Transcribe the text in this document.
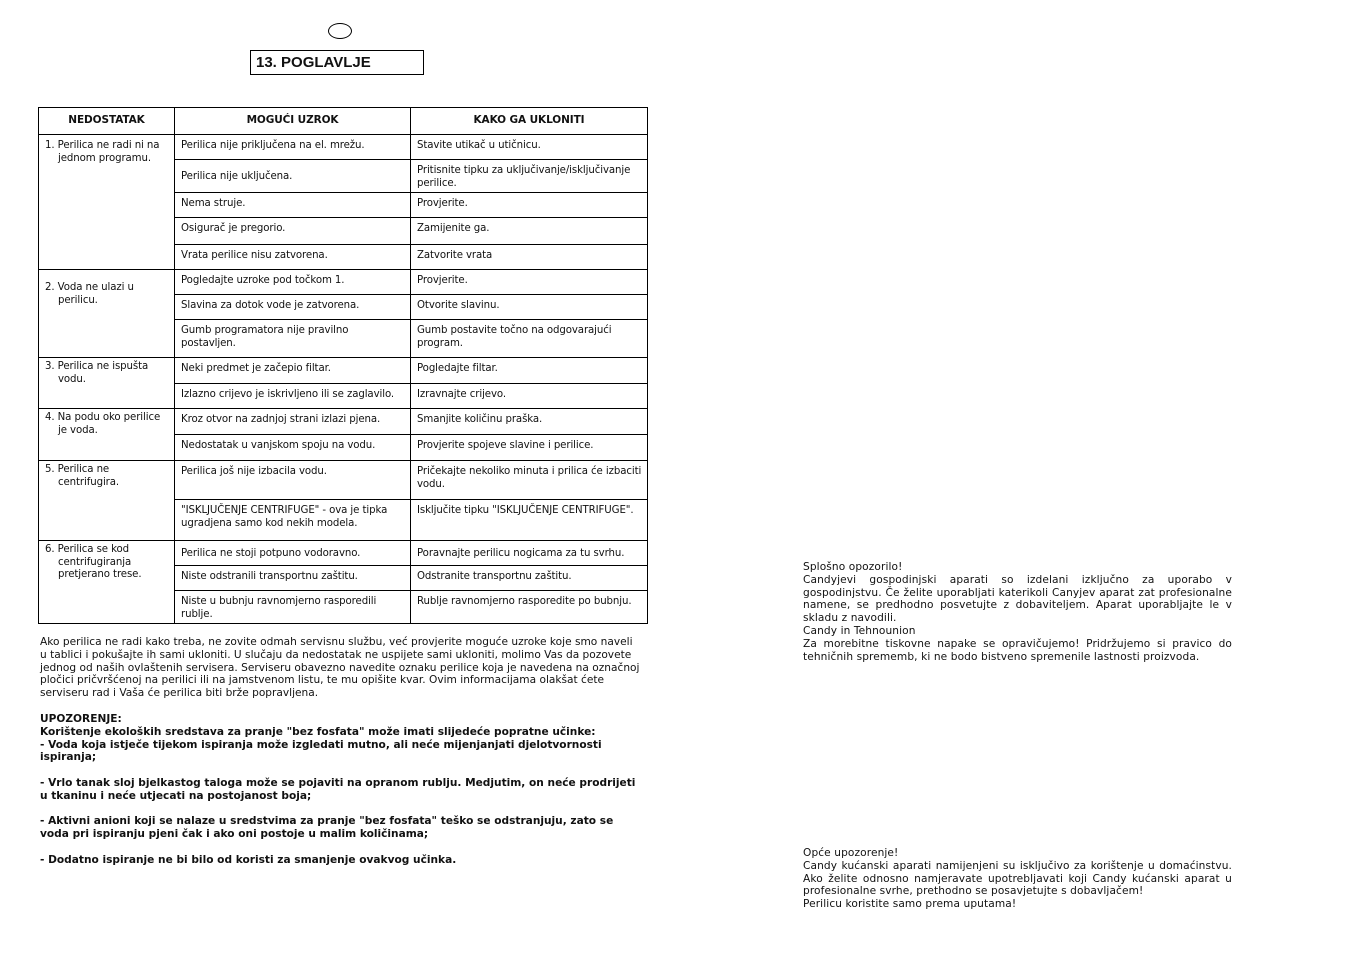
13. POGLAVLJE
NEDOSTATAK	MOGUĆI UZROK	KAKO GA UKLONITI

1. Perilica ne radi ni na jednom programu.	Perilica nije priključena na el. mrežu.	Stavite utikač u utičnicu.
	Perilica nije uključena.	Pritisnite tipku za uključivanje/isključivanje perilice.
	Nema struje.	Provjerite.
	Osigurač je pregorio.	Zamijenite ga.
	Vrata perilice nisu zatvorena.	Zatvorite vrata

2. Voda ne ulazi u perilicu.	Pogledajte uzroke pod točkom 1.	Provjerite.
	Slavina za dotok vode je zatvorena.	Otvorite slavinu.
	Gumb programatora nije pravilno postavljen.	Gumb postavite točno na odgovarajući program.

3. Perilica ne ispušta vodu.	Neki predmet je začepio filtar.	Pogledajte filtar.
	Izlazno crijevo je iskrivljeno ili se zaglavilo.	Izravnajte crijevo.

4. Na podu oko perilice je voda.	Kroz otvor na zadnjoj strani izlazi pjena.	Smanjite količinu praška.
	Nedostatak u vanjskom spoju na vodu.	Provjerite spojeve slavine i perilice.

5. Perilica ne centrifugira.	Perilica još nije izbacila vodu.	Pričekajte nekoliko minuta i prilica će izbaciti vodu.
	"ISKLJUČENJE CENTRIFUGE" - ova je tipka ugradjena samo kod nekih modela.	Isključite tipku "ISKLJUČENJE CENTRIFUGE".

6. Perilica se kod centrifugiranja pretjerano trese.	Perilica ne stoji potpuno vodoravno.	Poravnajte perilicu nogicama za tu svrhu.
	Niste odstranili transportnu zaštitu.	Odstranite transportnu zaštitu.
	Niste u bubnju ravnomjerno rasporedili rublje.	Rublje ravnomjerno rasporedite po bubnju.

Ako perilica ne radi kako treba, ne zovite odmah servisnu službu, već provjerite moguće uzroke koje smo naveli u tablici i pokušajte ih sami ukloniti. U slučaju da nedostatak ne uspijete sami ukloniti, molimo Vas da pozovete jednog od naših ovlaštenih servisera. Serviseru obavezno navedite oznaku perilice koja je navedena na označnoj pločici pričvršćenoj na perilici ili na jamstvenom listu, te mu opišite kvar. Ovim informacijama olakšat ćete serviseru rad i Vaša će perilica biti brže popravljena.

UPOZORENJE:

Korištenje ekoloških sredstava za pranje "bez fosfata" može imati slijedeće popratne učinke:

- Voda koja istječe tijekom ispiranja može izgledati mutno, ali neće mijenjanjati djelotvornosti ispiranja;

- Vrlo tanak sloj bjelkastog taloga može se pojaviti na opranom rublju. Medjutim, on neće prodrijeti u tkaninu i neće utjecati na postojanost boja;

- Aktivni anioni koji se nalaze u sredstvima za pranje "bez fosfata" teško se odstranjuju, zato se voda pri ispiranju pjeni čak i ako oni postoje u malim količinama;

- Dodatno ispiranje ne bi bilo od koristi za smanjenje ovakvog učinka.

Splošno opozorilo!

Candyjevi gospodinjski aparati so izdelani izključno za uporabo v gospodinjstvu. Če želite uporabljati katerikoli Canyjev aparat zat profesionalne namene, se predhodno posvetujte z dobaviteljem. Aparat uporabljajte le v skladu z navodili.

Candy in Tehnounion

Za morebitne tiskovne napake se opravičujemo! Pridržujemo si pravico do tehničnih sprememb, ki ne bodo bistveno spremenile lastnosti proizvoda.

Opće upozorenje!

Candy kućanski aparati namijenjeni su isključivo za korištenje u domaćinstvu. Ako želite odnosno namjeravate upotrebljavati koji Candy kućanski aparat u profesionalne svrhe, prethodno se posavjetujte s dobavljačem!

Perilicu koristite samo prema uputama!
